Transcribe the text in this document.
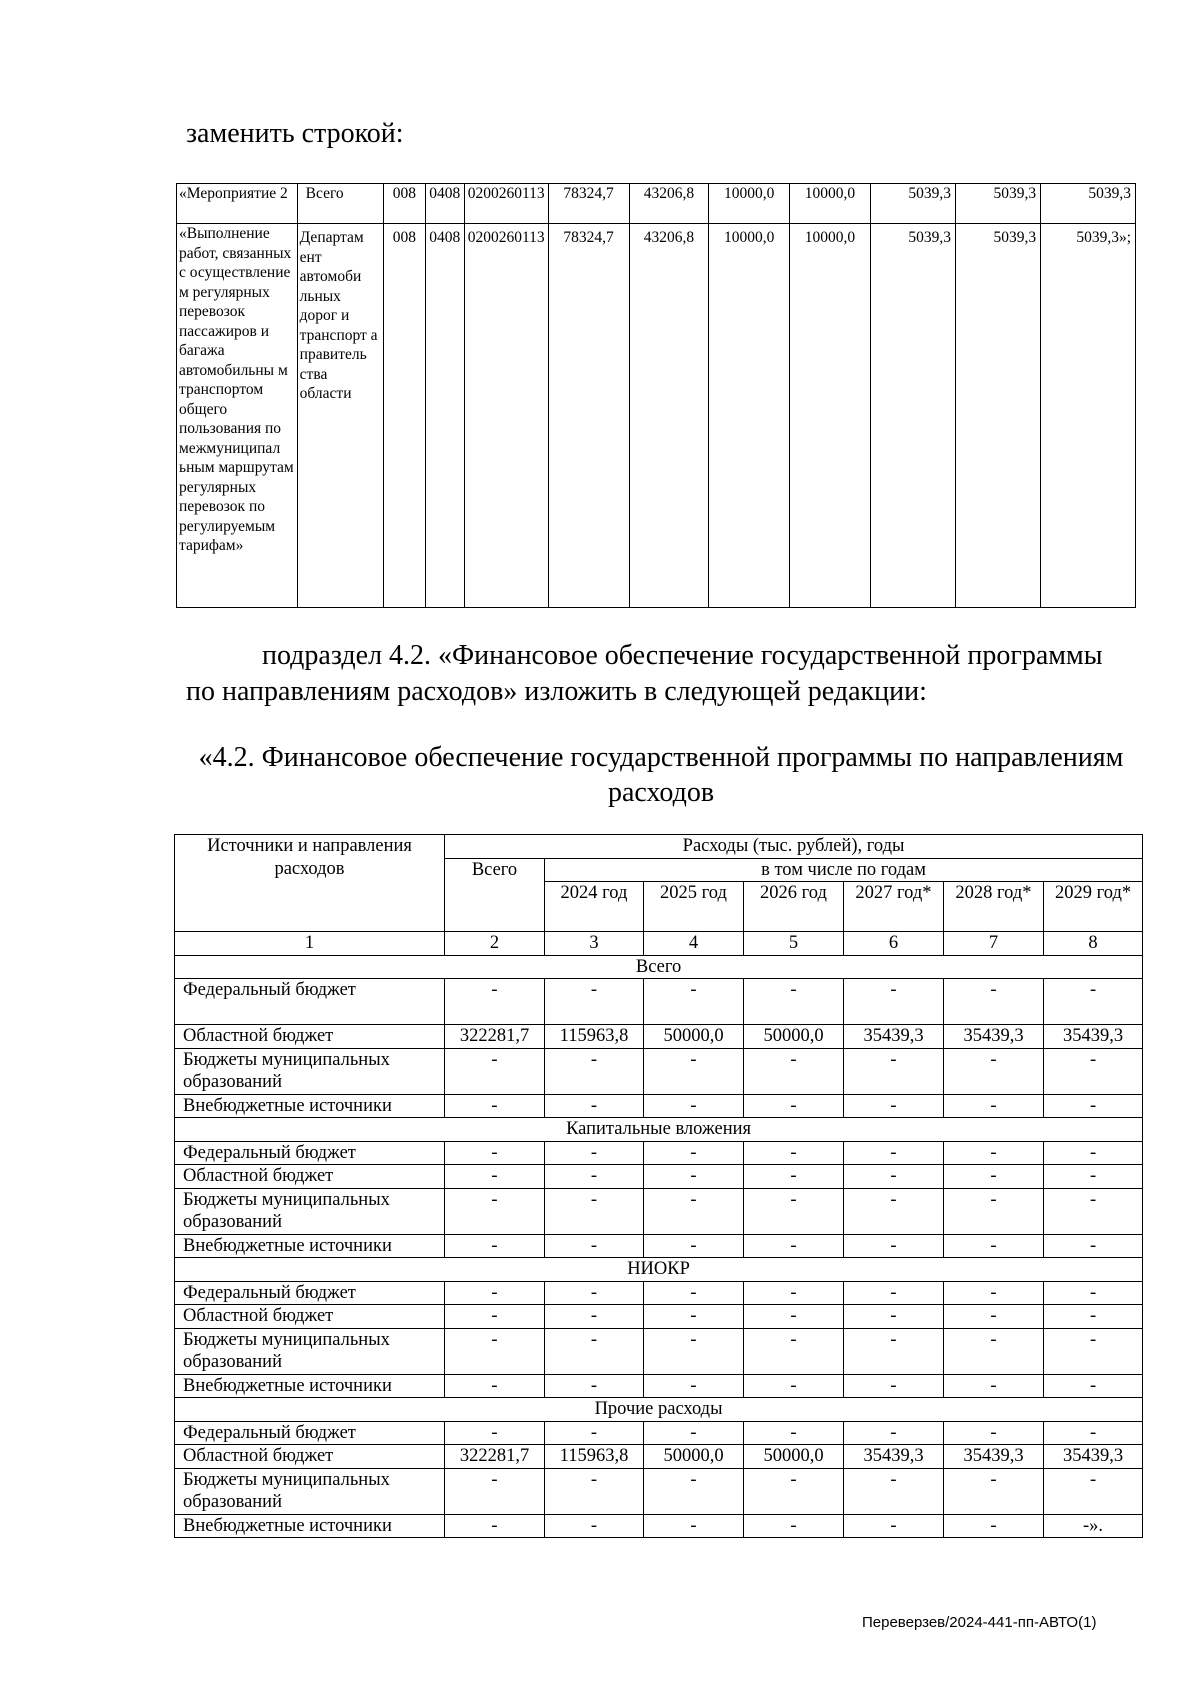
заменить строкой:
«Мероприятие 2	Всего	008	0408	0200260113	78324,7	43206,8	10000,0	10000,0	5039,3	5039,3	5039,3
«Выполнение работ, связанных с осуществление м регулярных перевозок пассажиров и багажа автомобильны м транспортом общего пользования по межмуниципал ьным маршрутам регулярных перевозок по регулируемым тарифам»	Департам ент автомоби льных дорог и транспорт а правитель ства области	008	0408	0200260113	78324,7	43206,8	10000,0	10000,0	5039,3	5039,3	5039,3»;
подраздел 4.2. «Финансовое обеспечение государственной программы по направлениям расходов» изложить в следующей редакции:
«4.2. Финансовое обеспечение государственной программы по направлениям расходов
Источники и направления расходов	Расходы (тыс. рублей), годы						
	Всего	в том числе по годам					
		2024 год	2025 год	2026 год	2027 год*	2028 год*	2029 год*
1	2	3	4	5	6	7	8
Всего							
Федеральный бюджет	-	-	-	-	-	-	-
Областной бюджет	322281,7	115963,8	50000,0	50000,0	35439,3	35439,3	35439,3
Бюджеты муниципальных образований	-	-	-	-	-	-	-
Внебюджетные источники	-	-	-	-	-	-	-
Капитальные вложения							
Федеральный бюджет	-	-	-	-	-	-	-
Областной бюджет	-	-	-	-	-	-	-
Бюджеты муниципальных образований	-	-	-	-	-	-	-
Внебюджетные источники	-	-	-	-	-	-	-
НИОКР							
Федеральный бюджет	-	-	-	-	-	-	-
Областной бюджет	-	-	-	-	-	-	-
Бюджеты муниципальных образований	-	-	-	-	-	-	-
Внебюджетные источники	-	-	-	-	-	-	-
Прочие расходы							
Федеральный бюджет	-	-	-	-	-	-	-
Областной бюджет	322281,7	115963,8	50000,0	50000,0	35439,3	35439,3	35439,3
Бюджеты муниципальных образований	-	-	-	-	-	-	-
Внебюджетные источники	-	-	-	-	-	-	-».
Переверзев/2024-441-пп-АВТО(1)
